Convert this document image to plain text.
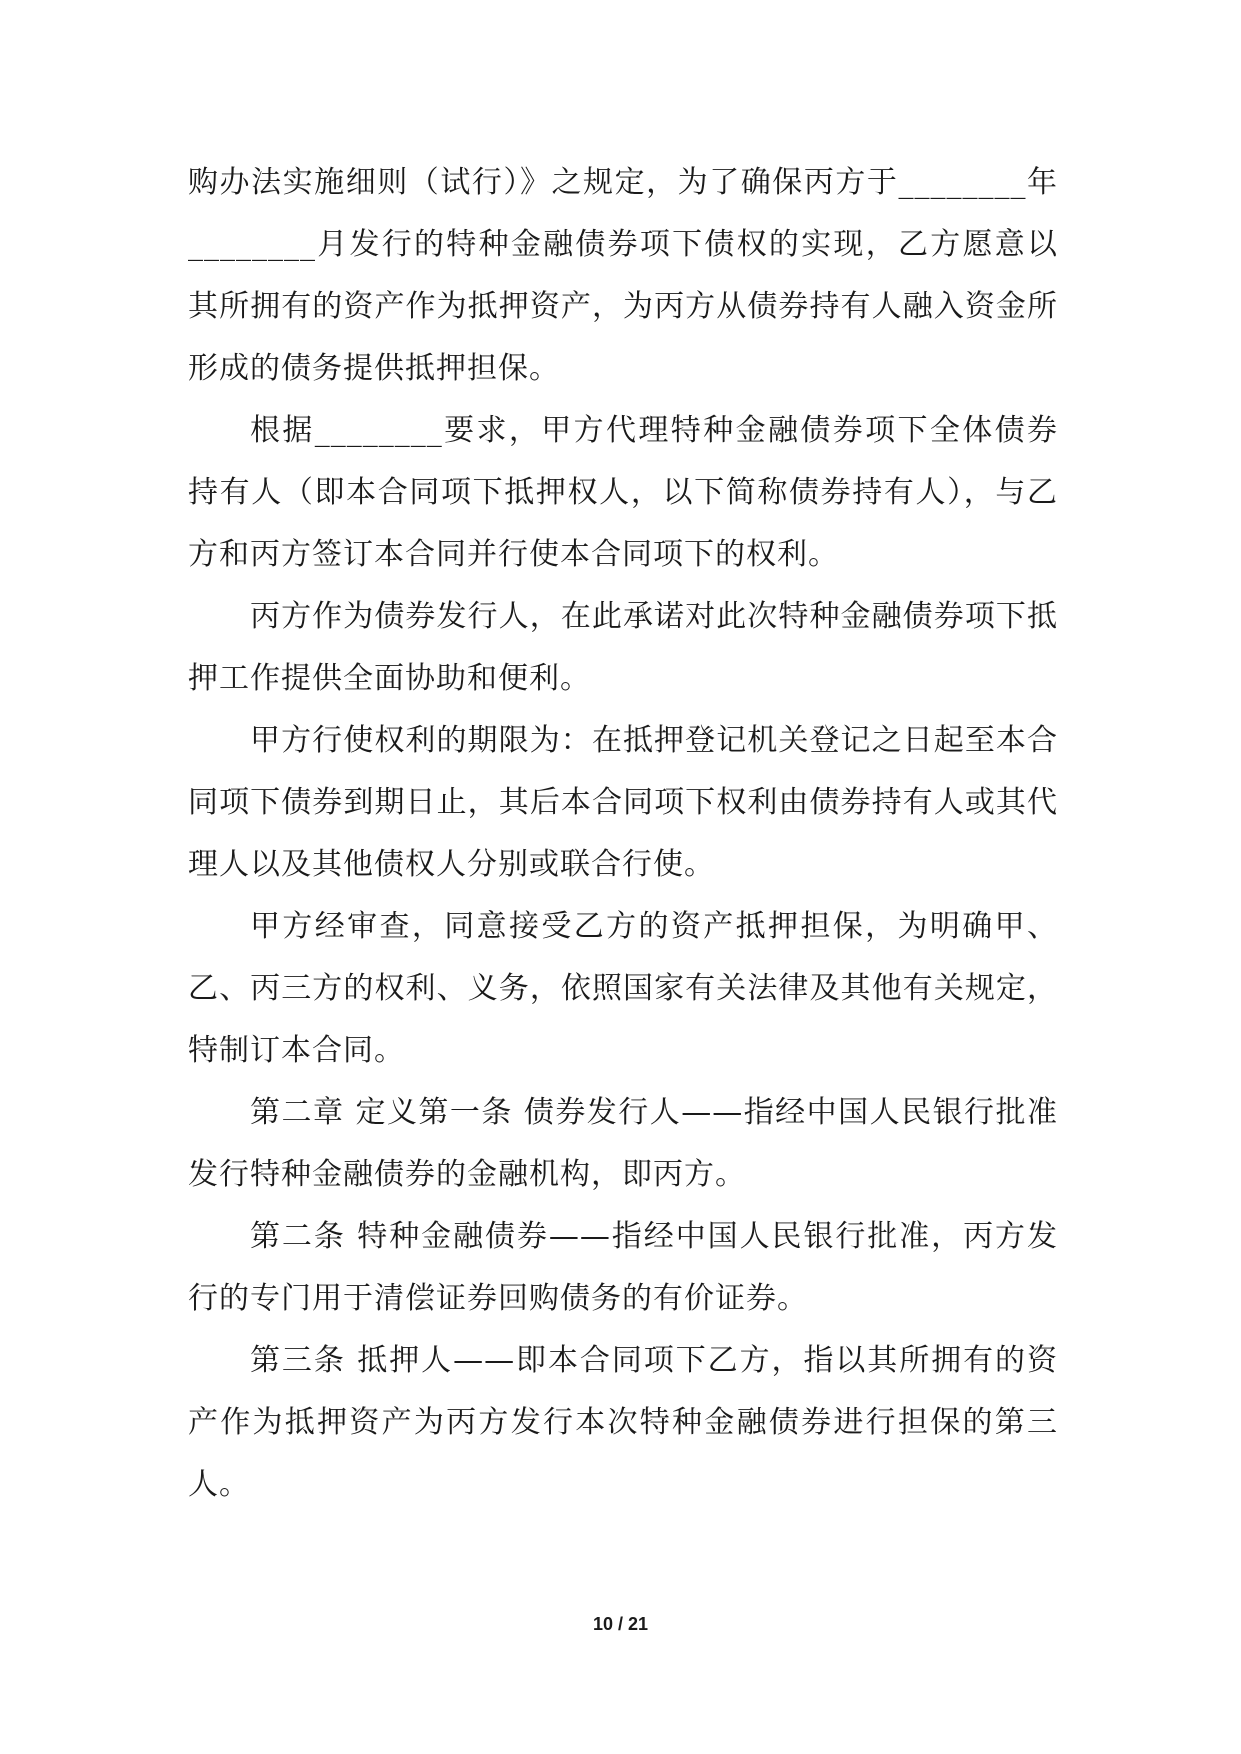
购办法实施细则（试行）》之规定，为了确保丙方于________年________月发行的特种金融债券项下债权的实现，乙方愿意以其所拥有的资产作为抵押资产，为丙方从债券持有人融入资金所形成的债务提供抵押担保。

根据________要求，甲方代理特种金融债券项下全体债券持有人（即本合同项下抵押权人，以下简称债券持有人），与乙方和丙方签订本合同并行使本合同项下的权利。

丙方作为债券发行人，在此承诺对此次特种金融债券项下抵押工作提供全面协助和便利。

甲方行使权利的期限为：在抵押登记机关登记之日起至本合同项下债券到期日止，其后本合同项下权利由债券持有人或其代理人以及其他债权人分别或联合行使。

甲方经审查，同意接受乙方的资产抵押担保，为明确甲、乙、丙三方的权利、义务，依照国家有关法律及其他有关规定，特制订本合同。

第二章 定义第一条 债券发行人——指经中国人民银行批准发行特种金融债券的金融机构，即丙方。

第二条 特种金融债券——指经中国人民银行批准，丙方发行的专门用于清偿证券回购债务的有价证券。

第三条 抵押人——即本合同项下乙方，指以其所拥有的资产作为抵押资产为丙方发行本次特种金融债券进行担保的第三人。

10 / 21
